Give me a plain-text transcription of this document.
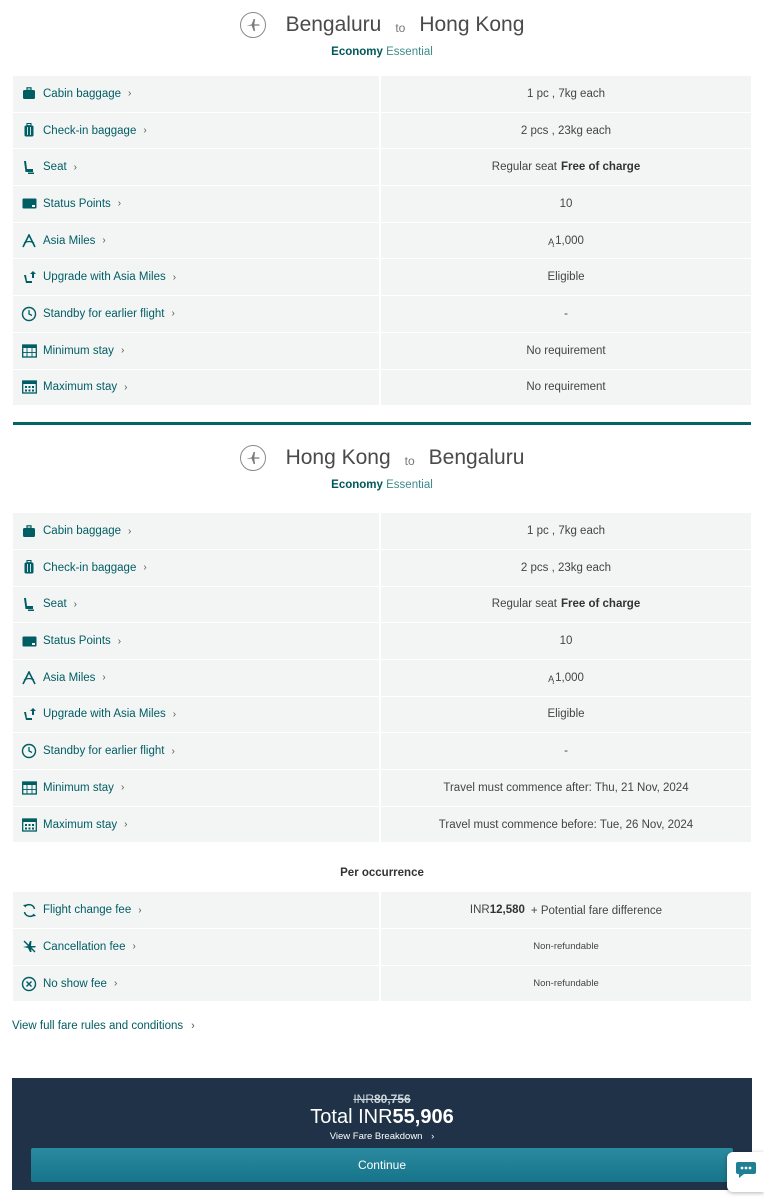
Bengaluru to Hong Kong
Economy Essential
Cabin baggage ›	1 pc , 7kg each
Check-in baggage ›	2 pcs , 23kg each
Seat ›	Regular seat Free of charge
Status Points ›	10
Asia Miles ›	Ą 1,000
Upgrade with Asia Miles ›	Eligible
Standby for earlier flight ›	-
Minimum stay ›	No requirement
Maximum stay ›	No requirement
Hong Kong to Bengaluru
Economy Essential
Cabin baggage ›	1 pc , 7kg each
Check-in baggage ›	2 pcs , 23kg each
Seat ›	Regular seat Free of charge
Status Points ›	10
Asia Miles ›	Ą 1,000
Upgrade with Asia Miles ›	Eligible
Standby for earlier flight ›	-
Minimum stay ›	Travel must commence after: Thu, 21 Nov, 2024
Maximum stay ›	Travel must commence before: Tue, 26 Nov, 2024
Per occurrence
Flight change fee ›	INR 12,580 + Potential fare difference
Cancellation fee ›	Non-refundable
No show fee ›	Non-refundable
View full fare rules and conditions ›
INR80,756
Total INR55,906
View Fare Breakdown ›
Continue
